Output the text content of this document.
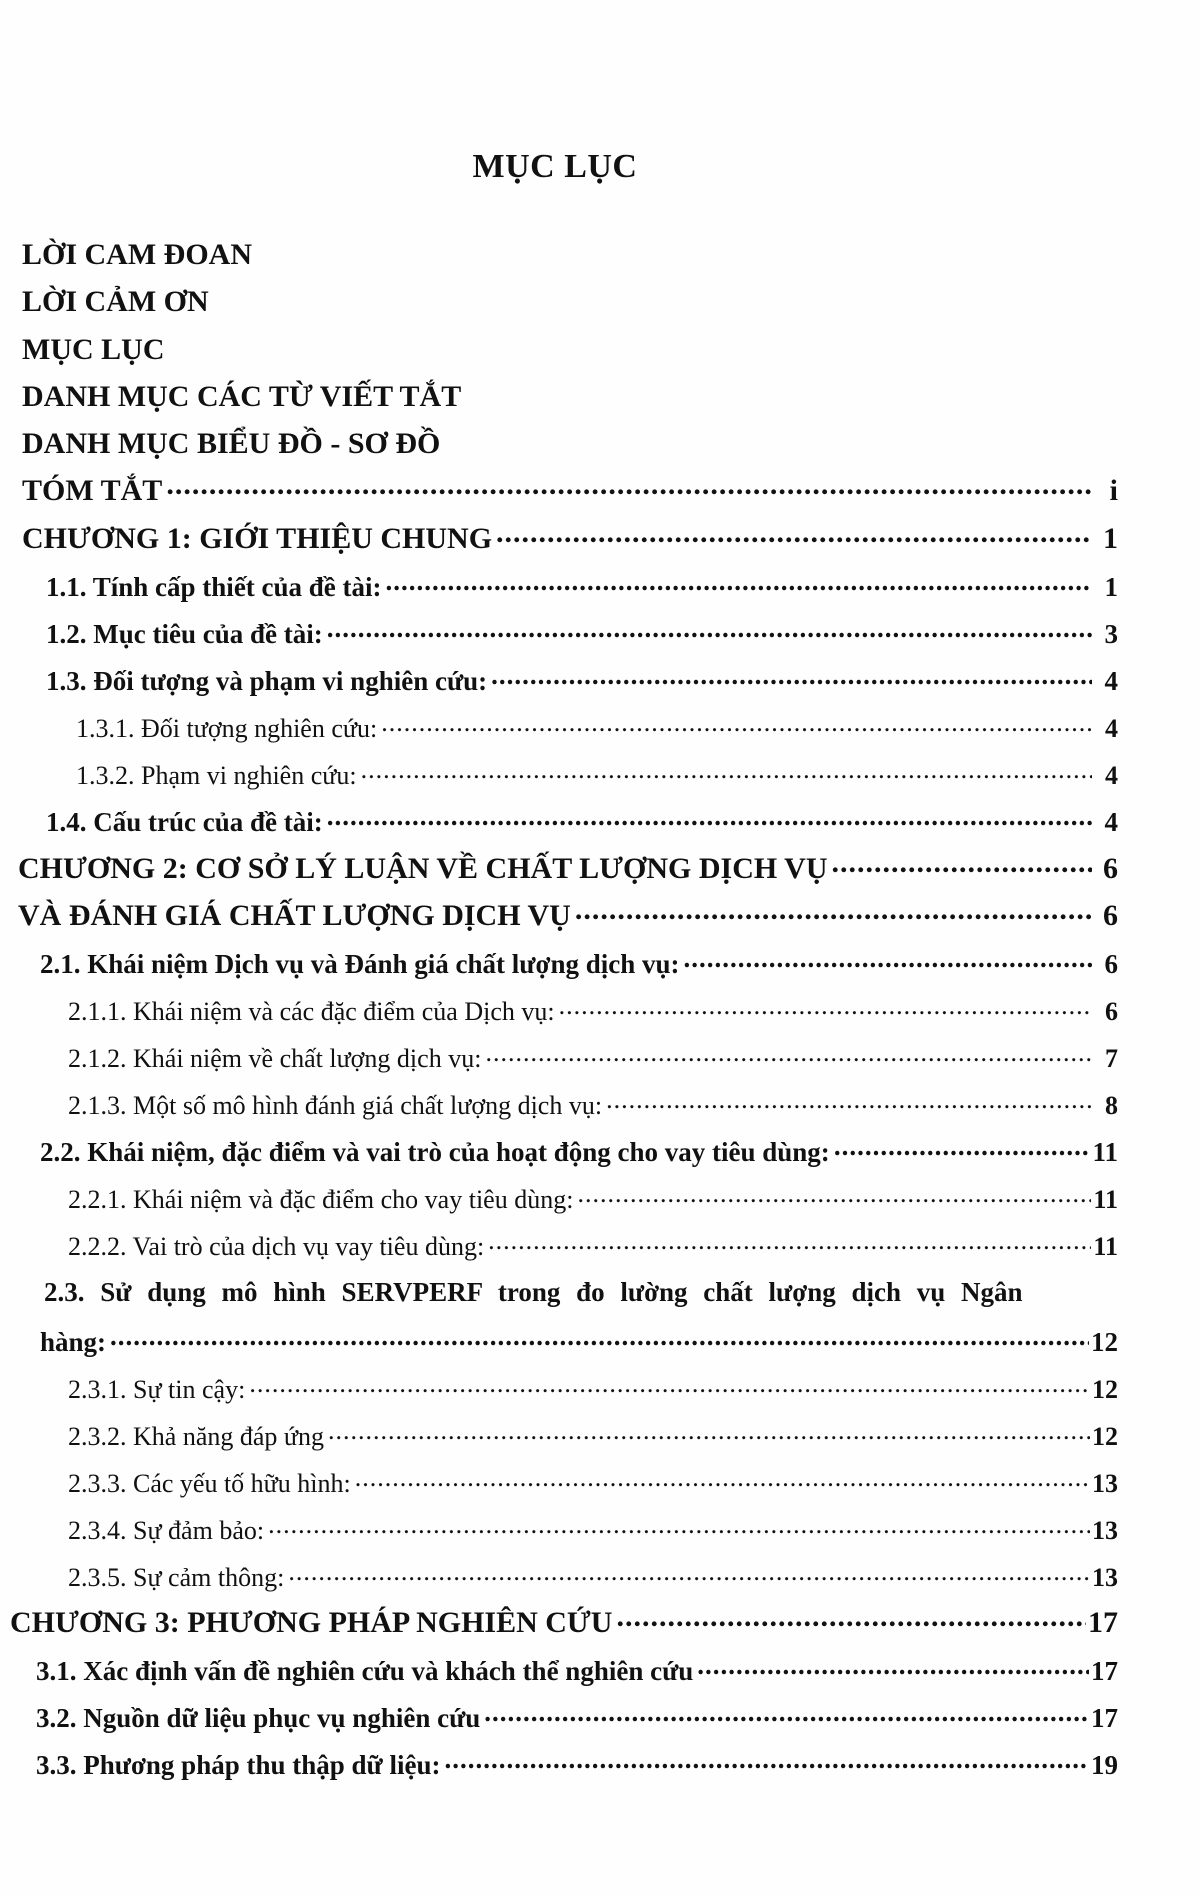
MỤC LỤC
LỜI CAM ĐOAN
LỜI CẢM ƠN
MỤC LỤC
DANH MỤC CÁC TỪ VIẾT TẮT
DANH MỤC BIỂU ĐỒ - SƠ ĐỒ
TÓM TẮT .....	i
CHƯƠNG 1: GIỚI THIỆU CHUNG .....	1
1.1. Tính cấp thiết của đề tài: .....	1
1.2. Mục tiêu của đề tài: .....	3
1.3. Đối tượng và phạm vi nghiên cứu: .....	4
1.3.1. Đối tượng nghiên cứu: .....	4
1.3.2. Phạm vi nghiên cứu: .....	4
1.4. Cấu trúc của đề tài: .....	4
CHƯƠNG 2: CƠ SỞ LÝ LUẬN VỀ CHẤT LƯỢNG DỊCH VỤ .....	6
VÀ ĐÁNH GIÁ CHẤT LƯỢNG DỊCH VỤ .....	6
2.1. Khái niệm Dịch vụ và Đánh giá chất lượng dịch vụ: .....	6
2.1.1. Khái niệm và các đặc điểm của Dịch vụ: .....	6
2.1.2. Khái niệm về chất lượng dịch vụ: .....	7
2.1.3. Một số mô hình đánh giá chất lượng dịch vụ: .....	8
2.2. Khái niệm, đặc điểm và vai trò của hoạt động cho vay tiêu dùng: .....	11
2.2.1. Khái niệm và đặc điểm cho vay tiêu dùng: .....	11
2.2.2. Vai trò của dịch vụ vay tiêu dùng: .....	11
2.3. Sử dụng mô hình SERVPERF trong đo lường chất lượng dịch vụ Ngân
hàng: .....	12
2.3.1. Sự tin cậy: .....	12
2.3.2. Khả năng đáp ứng .....	12
2.3.3. Các yếu tố hữu hình: .....	13
2.3.4. Sự đảm bảo: .....	13
2.3.5. Sự cảm thông: .....	13
CHƯƠNG 3: PHƯƠNG PHÁP NGHIÊN CỨU .....	17
3.1. Xác định vấn đề nghiên cứu và khách thể nghiên cứu .....	17
3.2. Nguồn dữ liệu phục vụ nghiên cứu .....	17
3.3. Phương pháp thu thập dữ liệu: .....	19
